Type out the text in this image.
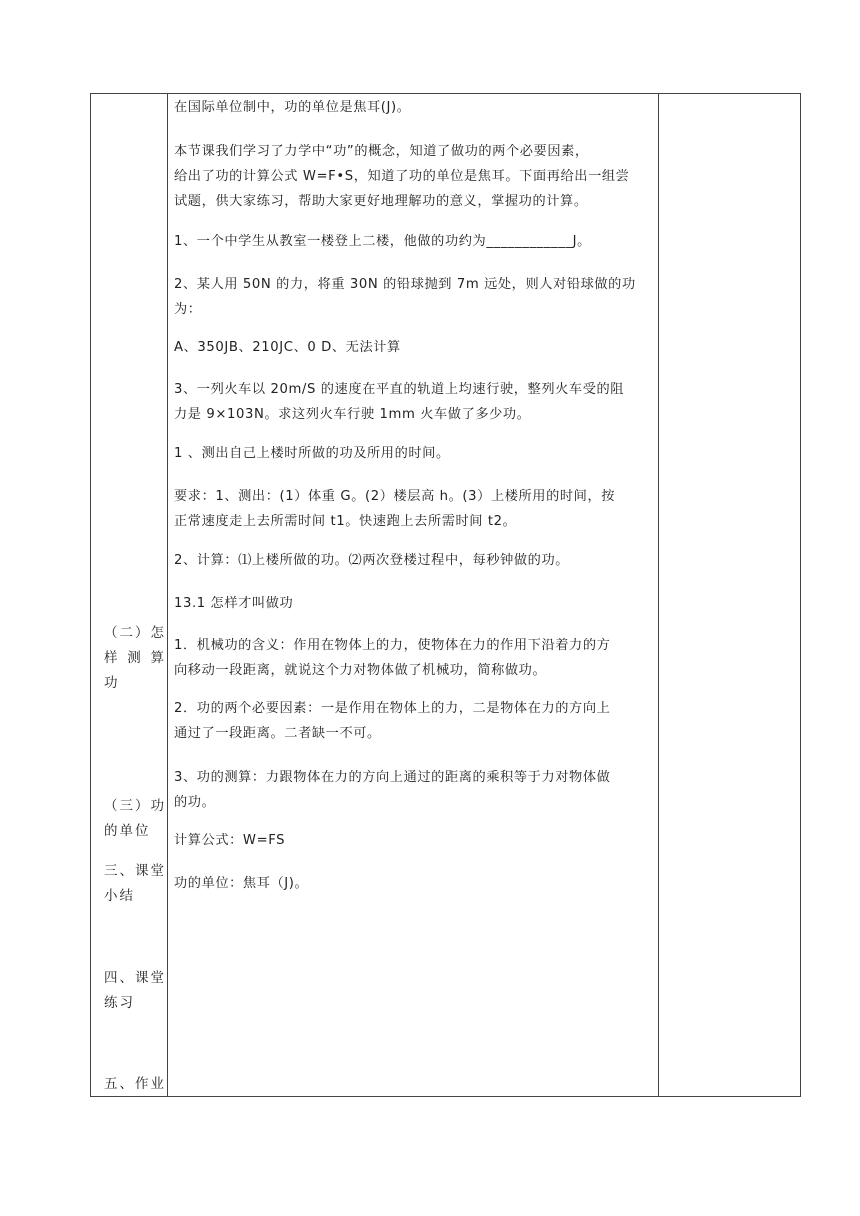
（二）怎
样 测 算
功
（三）功
的单位
三、课堂
小结
四、课堂
练习
五、作业
在国际单位制中，功的单位是焦耳(J)。
本节课我们学习了力学中“功”的概念，知道了做功的两个必要因素，
给出了功的计算公式 W=F•S，知道了功的单位是焦耳。下面再给出一组尝
试题，供大家练习，帮助大家更好地理解功的意义，掌握功的计算。
1、一个中学生从教室一楼登上二楼，他做的功约为____________J。
2、某人用 50N 的力，将重 30N 的铅球抛到 7m 远处，则人对铅球做的功
为：
A、350JB、210JC、0 D、无法计算
3、一列火车以 20m/S 的速度在平直的轨道上均速行驶，整列火车受的阻
力是 9×103N。求这列火车行驶 1mm 火车做了多少功。
1 、测出自己上楼时所做的功及所用的时间。
要求：1、测出：(1）体重 G。(2）楼层高 h。(3）上楼所用的时间，按
正常速度走上去所需时间 t1。快速跑上去所需时间 t2。
2、计算：⑴上楼所做的功。⑵两次登楼过程中，每秒钟做的功。
13.1 怎样才叫做功
1．机械功的含义：作用在物体上的力，使物体在力的作用下沿着力的方
向移动一段距离，就说这个力对物体做了机械功，简称做功。
2．功的两个必要因素：一是作用在物体上的力，二是物体在力的方向上
通过了一段距离。二者缺一不可。
3、功的测算：力跟物体在力的方向上通过的距离的乘积等于力对物体做
的功。
计算公式：W=FS
功的单位：焦耳（J)。
